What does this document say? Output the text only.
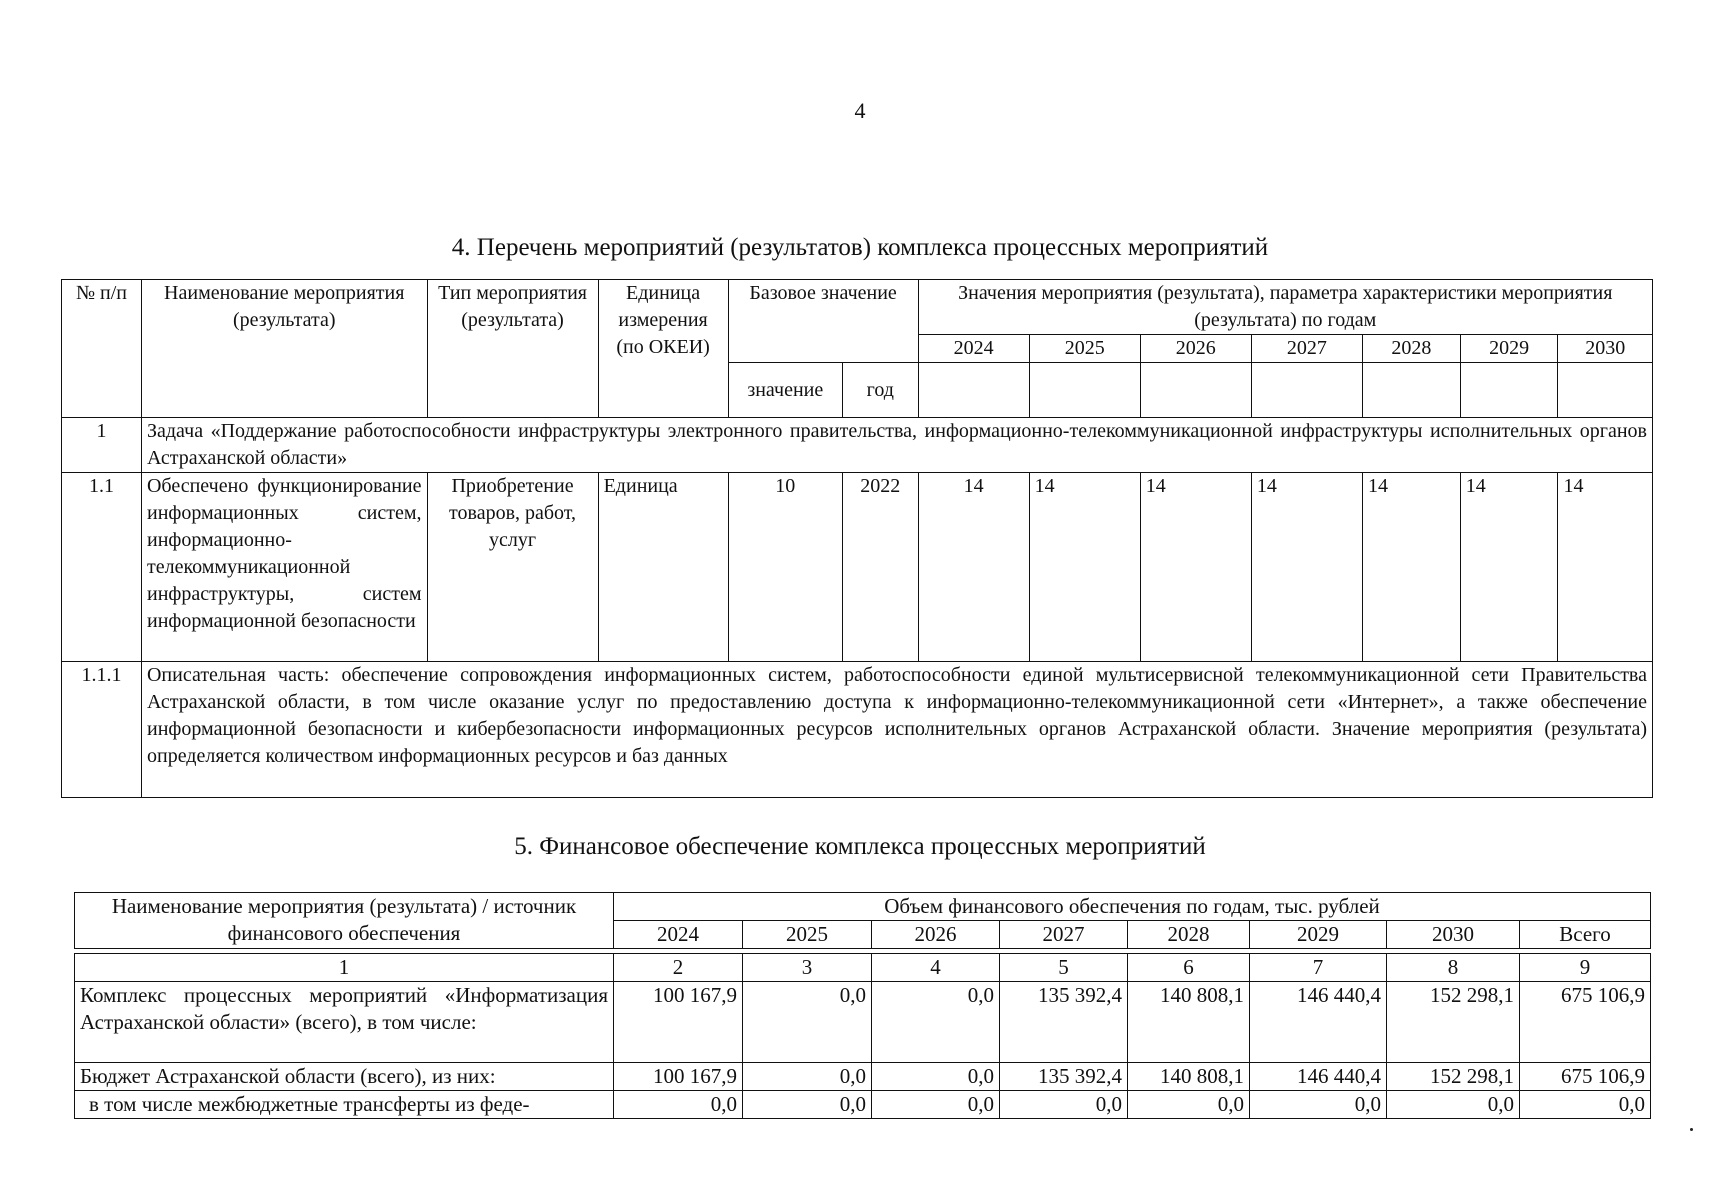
4
4. Перечень мероприятий (результатов) комплекса процессных мероприятий
№ п/п	Наименование мероприятия (результата)	Тип мероприятия (результата)	Единица измерения (по ОКЕИ)	Базовое значение		Значения мероприятия (результата), параметра характеристики мероприятия (результата) по годам						
						2024	2025	2026	2027	2028	2029	2030
				значение	год							
1	Задача «Поддержание работоспособности инфраструктуры электронного правительства, информационно-телекоммуникационной инфраструктуры исполнительных органов Астраханской области»											
1.1	Обеспечено функционирование информационных систем, информационно-телекоммуникационной инфраструктуры, систем информационной безопасности	Приобретение товаров, работ, услуг	Единица	10	2022	14	14	14	14	14	14	14
1.1.1	Описательная часть: обеспечение сопровождения информационных систем, работоспособности единой мультисервисной телекоммуникационной сети Правительства Астраханской области, в том числе оказание услуг по предоставлению доступа к информационно-телекоммуникационной сети «Интернет», а также обеспечение информационной безопасности и кибербезопасности информационных ресурсов исполнительных органов Астраханской области. Значение мероприятия (результата) определяется количеством информационных ресурсов и баз данных											
5. Финансовое обеспечение комплекса процессных мероприятий
Наименование мероприятия (результата) / источник финансового обеспечения	Объем финансового обеспечения по годам, тыс. рублей							
	2024	2025	2026	2027	2028	2029	2030	Всего

1	2	3	4	5	6	7	8	9
Комплекс процессных мероприятий «Информатизация Астраханской области» (всего), в том числе:	100 167,9	0,0	0,0	135 392,4	140 808,1	146 440,4	152 298,1	675 106,9
Бюджет Астраханской области (всего), из них:	100 167,9	0,0	0,0	135 392,4	140 808,1	146 440,4	152 298,1	675 106,9
в том числе межбюджетные трансферты из феде-	0,0	0,0	0,0	0,0	0,0	0,0	0,0	0,0
